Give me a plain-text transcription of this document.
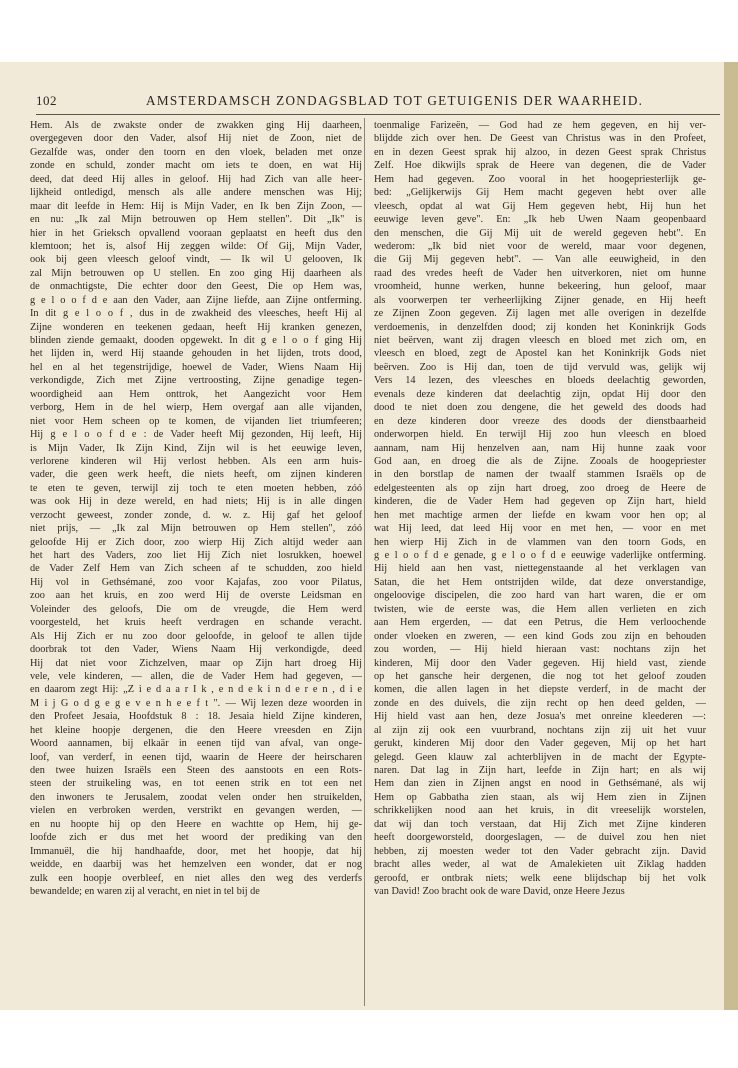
102	AMSTERDAMSCH ZONDAGSBLAD TOT GETUIGENIS DER WAARHEID.
Hem. Als de zwakste onder de zwakken ging Hij daarheen,
overgegeven door den Vader, alsof Hij niet de Zoon, niet de
Gezalfde was, onder den toorn en den vloek, beladen met onze
zonde en schuld, zonder macht om iets te doen, en wat Hij
deed, dat deed Hij alles in geloof. Hij had Zich van alle heer-
lijkheid ontledigd, mensch als alle andere menschen was Hij;
maar dit leefde in Hem: Hij is Mijn Vader, en Ik ben Zijn Zoon, —
en nu: „Ik zal Mijn betrouwen op Hem stellen". Dit „Ik" is
hier in het Grieksch opvallend vooraan geplaatst en heeft dus den
klemtoon; het is, alsof Hij zeggen wilde: Of Gij, Mijn Vader,
ook bij geen vleesch geloof vindt, — Ik wil U gelooven, Ik
zal Mijn betrouwen op U stellen. En zoo ging Hij daarheen als
de onmachtigste, Die echter door den Geest, Die op Hem was,
g e l o o f d e aan den Vader, aan Zijne liefde, aan Zijne ontferming.
In dit g e l o o f , dus in de zwakheid des vleesches, heeft Hij al
Zijne wonderen en teekenen gedaan, heeft Hij kranken genezen,
blinden ziende gemaakt, dooden opgewekt. In dit g e l o o f ging Hij
het lijden in, werd Hij staande gehouden in het lijden, trots dood,
hel en al het tegenstrijdige, hoewel de Vader, Wiens Naam Hij
verkondigde, Zich met Zijne vertroosting, Zijne genadige tegen-
woordigheid aan Hem onttrok, het Aangezicht voor Hem
verborg, Hem in de hel wierp, Hem overgaf aan alle vijanden,
niet voor Hem scheen op te komen, de vijanden liet triumfeeren;
Hij g e l o o f d e : de Vader heeft Mij gezonden, Hij leeft, Hij
is Mijn Vader, Ik Zijn Kind, Zijn wil is het eeuwige leven,
verlorene kinderen wil Hij verlost hebben. Als een arm huis-
vader, die geen werk heeft, die niets heeft, om zijnen kinderen
te eten te geven, terwijl zij toch te eten moeten hebben, zóó
was ook Hij in deze wereld, en had niets; Hij is in alle dingen
verzocht geweest, zonder zonde, d. w. z. Hij gaf het geloof
niet prijs, — „Ik zal Mijn betrouwen op Hem stellen", zóó
geloofde Hij er Zich door, zoo wierp Hij Zich altijd weder aan
het hart des Vaders, zoo liet Hij Zich niet losrukken, hoewel
de Vader Zelf Hem van Zich scheen af te schudden, zoo hield
Hij vol in Gethsémané, zoo voor Kajafas, zoo voor Pilatus,
zoo aan het kruis, en zoo werd Hij de overste Leidsman en
Voleinder des geloofs, Die om de vreugde, die Hem werd
voorgesteld, het kruis heeft verdragen en schande veracht.
Als Hij Zich er nu zoo door geloofde, in geloof te allen tijde
doorbrak tot den Vader, Wiens Naam Hij verkondigde, deed
Hij dat niet voor Zichzelven, maar op Zijn hart droeg Hij
vele, vele kinderen, — allen, die de Vader Hem had gegeven, —
en daarom zegt Hij: „Z i e d a a r I k , e n d e k i n d e r e n , d i e
M i j G o d g e g e v e n h e e f t ". — Wij lezen deze woorden in
den Profeet Jesaia, Hoofdstuk 8 : 18. Jesaia hield Zijne kinderen,
het kleine hoopje dergenen, die den Heere vreesden en Zijn
Woord aannamen, bij elkaär in eenen tijd van afval, van onge-
loof, van verderf, in eenen tijd, waarin de Heere der heirscharen
den twee huizen Israëls een Steen des aanstoots en een Rots-
steen der struikeling was, en tot eenen strik en tot een net
den inwoners te Jerusalem, zoodat velen onder hen struikelden,
vielen en verbroken werden, verstrikt en gevangen werden, —
en nu hoopte hij op den Heere en wachtte op Hem, hij ge-
loofde zich er dus met het woord der prediking van den
Immanuël, die hij handhaafde, door, met het hoopje, dat hij
weidde, en daarbij was het hemzelven een wonder, dat er nog
zulk een hoopje overbleef, en niet alles den weg des verderfs
bewandelde; en waren zij al veracht, en niet in tel bij de
toenmalige Farizeën, — God had ze hem gegeven, en hij ver-
blijdde zich over hen. De Geest van Christus was in den Profeet,
en in dezen Geest sprak hij alzoo, in dezen Geest sprak Christus
Zelf. Hoe dikwijls sprak de Heere van degenen, die de Vader
Hem had gegeven. Zoo vooral in het hoogepriesterlijk ge-
bed: „Gelijkerwijs Gij Hem macht gegeven hebt over alle
vleesch, opdat al wat Gij Hem gegeven hebt, Hij hun het
eeuwige leven geve". En: „Ik heb Uwen Naam geopenbaard
den menschen, die Gij Mij uit de wereld gegeven hebt". En
wederom: „Ik bid niet voor de wereld, maar voor degenen,
die Gij Mij gegeven hebt". — Van alle eeuwigheid, in den
raad des vredes heeft de Vader hen uitverkoren, niet om hunne
vroomheid, hunne werken, hunne bekeering, hun geloof, maar
als voorwerpen ter verheerlijking Zijner genade, en Hij heeft
ze Zijnen Zoon gegeven. Zij lagen met alle overigen in dezelfde
verdoemenis, in denzelfden dood; zij konden het Koninkrijk Gods
niet beërven, want zij dragen vleesch en bloed met zich om, en
vleesch en bloed, zegt de Apostel kan het Koninkrijk Gods niet
beërven. Zoo is Hij dan, toen de tijd vervuld was, gelijk wij
Vers 14 lezen, des vleesches en bloeds deelachtig geworden,
evenals deze kinderen dat deelachtig zijn, opdat Hij door den
dood te niet doen zou dengene, die het geweld des doods had
en deze kinderen door vreeze des doods der dienstbaarheid
onderworpen hield. En terwijl Hij zoo hun vleesch en bloed
aannam, nam Hij henzelven aan, nam Hij hunne zaak voor
God aan, en droeg die als de Zijne. Zooals de hoogepriester
in den borstlap de namen der twaalf stammen Israëls op de
edelgesteenten als op zijn hart droeg, zoo droeg de Heere de
kinderen, die de Vader Hem had gegeven op Zijn hart, hield
hen met machtige armen der liefde en kwam voor hen op; al
wat Hij leed, dat leed Hij voor en met hen, — voor en met
hen wierp Hij Zich in de vlammen van den toorn Gods, en
g e l o o f d e genade, g e l o o f d e eeuwige vaderlijke ontferming.
Hij hield aan hen vast, niettegenstaande al het verklagen van
Satan, die het Hem ontstrijden wilde, dat deze onverstandige,
ongeloovige discipelen, die zoo hard van hart waren, die er om
twisten, wie de eerste was, die Hem allen verlieten en zich
aan Hem ergerden, — dat een Petrus, die Hem verloochende
onder vloeken en zweren, — een kind Gods zou zijn en behouden
zou worden, — Hij hield hieraan vast: nochtans zijn het
kinderen, Mij door den Vader gegeven. Hij hield vast, ziende
op het gansche heir dergenen, die nog tot het geloof zouden
komen, die allen lagen in het diepste verderf, in de macht der
zonde en des duivels, die zijn recht op hen deed gelden, —
Hij hield vast aan hen, deze Josua's met onreine kleederen —:
al zijn zij ook een vuurbrand, nochtans zijn zij uit het vuur
gerukt, kinderen Mij door den Vader gegeven, Mij op het hart
gelegd. Geen klauw zal achterblijven in de macht der Egypte-
naren. Dat lag in Zijn hart, leefde in Zijn hart; en als wij
Hem dan zien in Zijnen angst en nood in Gethsémané, als wij
Hem op Gabbatha zien staan, als wij Hem zien in Zijnen
schrikkelijken nood aan het kruis, in dit vreeselijk worstelen,
dat wij dan toch verstaan, dat Hij Zich met Zijne kinderen
heeft doorgeworsteld, doorgeslagen, — de duivel zou hen niet
hebben, zij moesten weder tot den Vader gebracht zijn. David
bracht alles weder, al wat de Amalekieten uit Ziklag hadden
geroofd, er ontbrak niets; welk eene blijdschap bij het volk
van David! Zoo bracht ook de ware David, onze Heere Jezus
